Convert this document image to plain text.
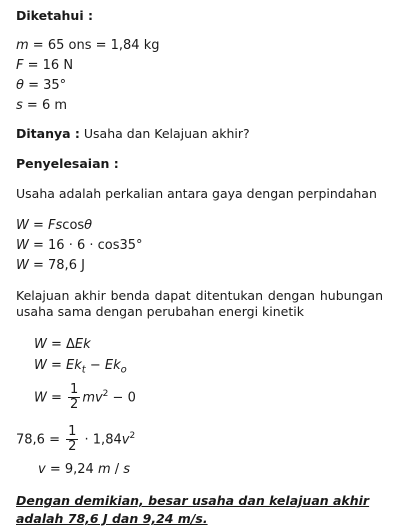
Diketahui :
m = 65 ons = 1,84 kg
F = 16 N
θ = 35°
s = 6 m
Ditanya : Usaha dan Kelajuan akhir?
Penyelesaian :
Usaha adalah perkalian antara gaya dengan perpindahan
W = Fscosθ
W = 16 · 6 · cos35°
W = 78,6 J
Kelajuan akhir benda dapat ditentukan dengan hubungan usaha sama dengan perubahan energi kinetik
W = ΔEk
$W = Ek_t - Ek_o$
$W = \frac{1}{2} mv^2 - 0$
$78,6 = \frac{1}{2} \cdot 1,84v^2$
v = 9,24 m / s
Dengan demikian, besar usaha dan kelajuan akhir adalah 78,6 J dan 9,24 m/s.
